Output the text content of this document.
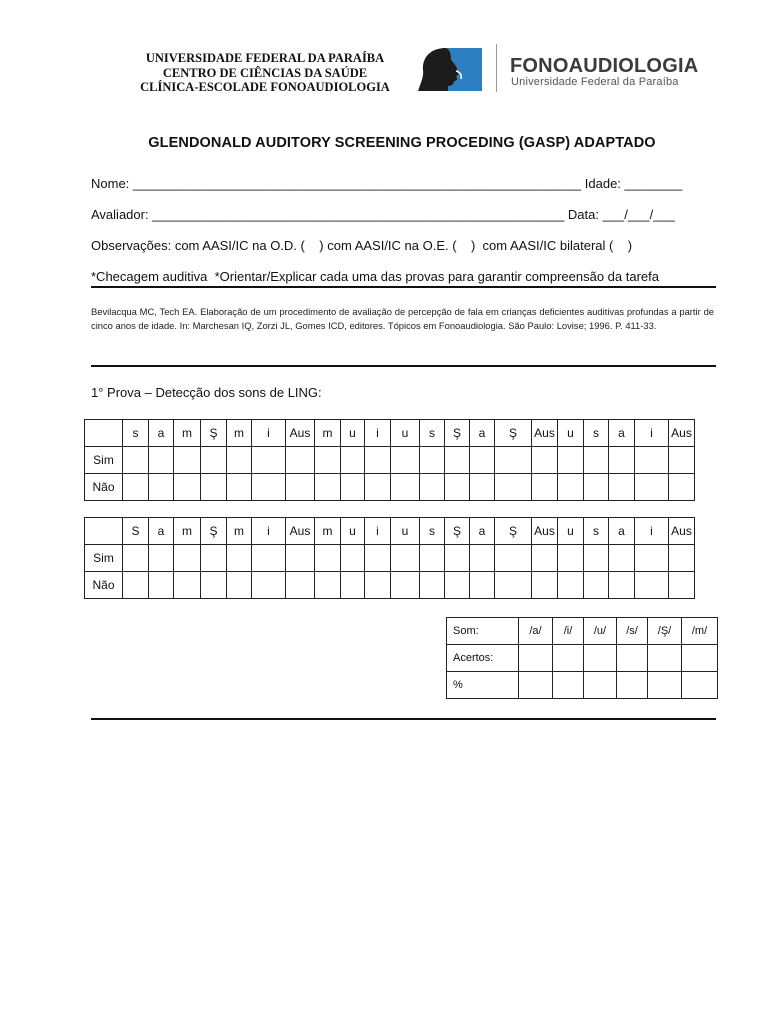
UNIVERSIDADE FEDERAL DA PARAÍBA
CENTRO DE CIÊNCIAS DA SAÚDE
CLÍNICA-ESCOLADE FONOAUDIOLOGIA
FONOAUDIOLOGIA
Universidade Federal da Paraíba
GLENDONALD AUDITORY SCREENING PROCEDING (GASP) ADAPTADO
Nome: ______________________________________________________________ Idade: ________
Avaliador: _________________________________________________________ Data: ___/___/___
Observações: com AASI/IC na O.D. (    ) com AASI/IC na O.E. (    )  com AASI/IC bilateral (    )
*Checagem auditiva  *Orientar/Explicar cada uma das provas para garantir compreensão da tarefa
Bevilacqua MC, Tech EA. Elaboração de um procedimento de avaliação de percepção de fala em crianças deficientes auditivas profundas a partir de cinco anos de idade. In: Marchesan IQ, Zorzi JL, Gomes ICD, editores. Tópicos em Fonoaudiologia. São Paulo: Lovise; 1996. P. 411-33.
1° Prova – Detecção dos sons de LING:
	s	a	m	Ş	m	i	Aus	m	u	i	u	s	Ş	a	Ş	Aus	u	s	a	i	Aus
Sim																					
Não																					
	S	a	m	Ş	m	i	Aus	m	u	i	u	s	Ş	a	Ş	Aus	u	s	a	i	Aus
Sim																					
Não																					
Som:	/a/	/i/	/u/	/s/	/Ş/	/m/
Acertos:						
%						
